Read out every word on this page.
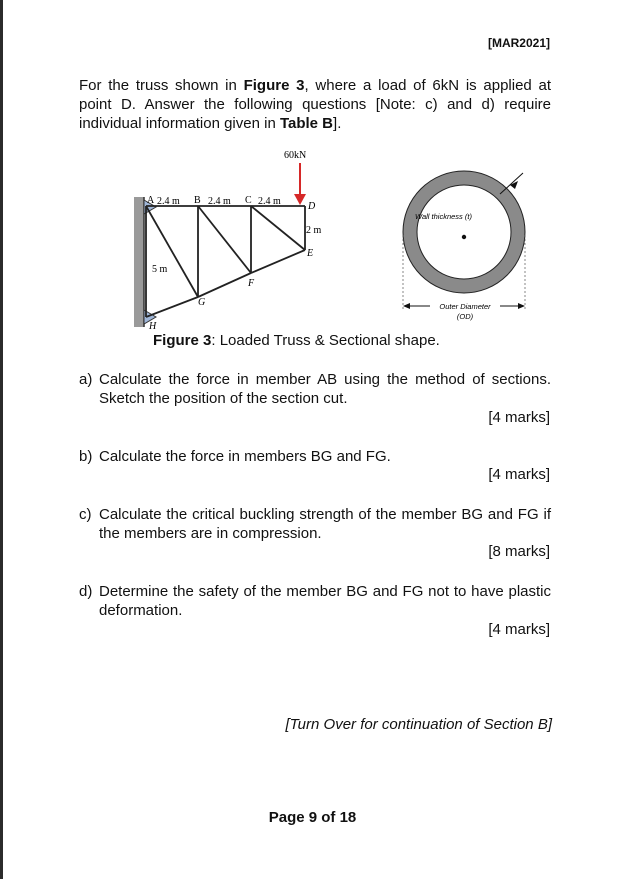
[MAR2021]
For the truss shown in Figure 3, where a load of 6kN is applied at point D. Answer the following questions [Note: c) and d) require individual information given in Table B].
60kN
A	B	C
D
E
F
G
H
2.4 m	2.4 m	2.4 m
2 m
5 m
Wall thickness (t)
Outer Diameter
(OD)
Figure 3: Loaded Truss & Sectional shape.
a) Calculate the force in member AB using the method of sections. Sketch the position of the section cut.
[4 marks]
b) Calculate the force in members BG and FG.
[4 marks]
c) Calculate the critical buckling strength of the member BG and FG if the members are in compression.
[8 marks]
d) Determine the safety of the member BG and FG not to have plastic deformation.
[4 marks]
[Turn Over for continuation of Section B]
Page 9 of 18
